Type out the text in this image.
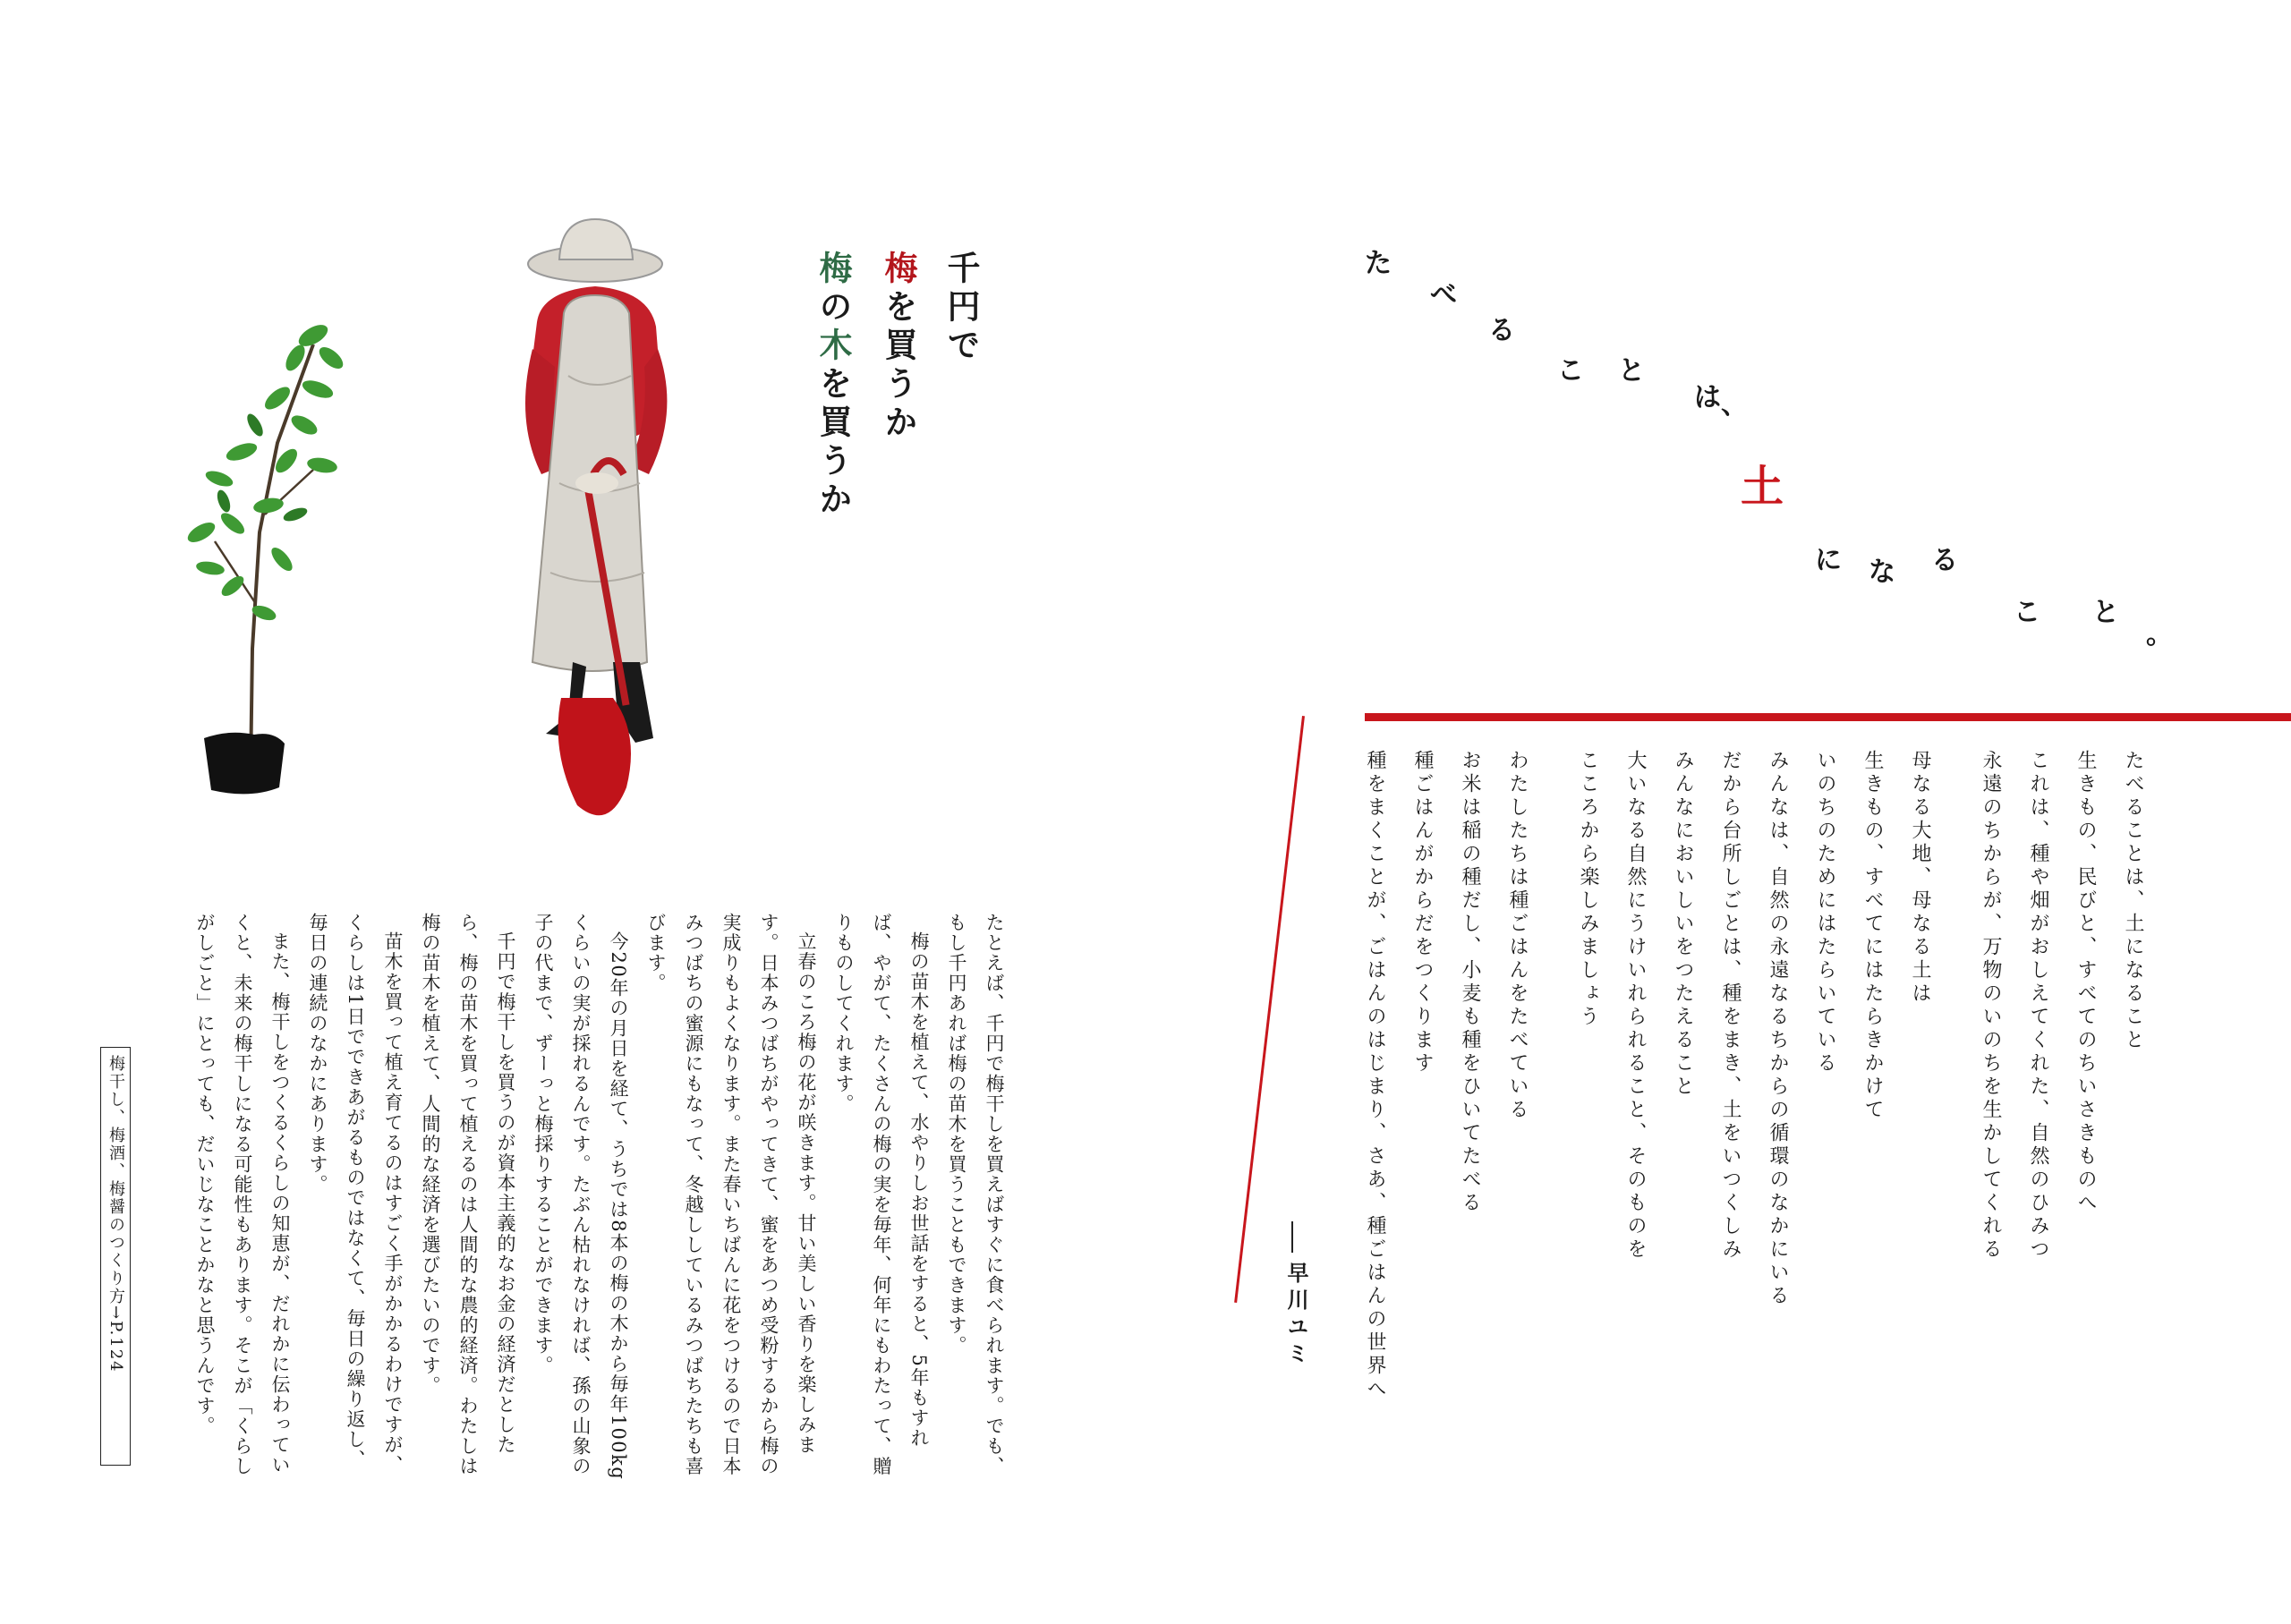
千円で
梅を買うか
梅の木を買うか

たとえば、千円で梅干しを買えばすぐに食べられます。でも、もし千円あれば梅の苗木を買うこともできます。

梅の苗木を植えて、水やりしお世話をすると、5年もすれば、やがて、たくさんの梅の実を毎年、何年にもわたって、贈りものしてくれます。

立春のころ梅の花が咲きます。甘い美しい香りを楽しみます。日本みつばちがやってきて、蜜をあつめ受粉するから梅の実成りもよくなります。また春いちばんに花をつけるので日本みつばちの蜜源にもなって、冬越ししているみつばちたちも喜びます。

今20年の月日を経て、うちでは8本の梅の木から毎年100kgくらいの実が採れるんです。たぶん枯れなければ、孫の山象の子の代まで、ずーっと梅採りすることができます。

千円で梅干しを買うのが資本主義的なお金の経済だとしたら、梅の苗木を買って植えるのは人間的な農的経済。わたしは梅の苗木を植えて、人間的な経済を選びたいのです。

苗木を買って植え育てるのはすごく手がかかるわけですが、くらしは1日でできあがるものではなくて、毎日の繰り返し、毎日の連続のなかにあります。

また、梅干しをつくるくらしの知恵が、だれかに伝わっていくと、未来の梅干しになる可能性もあります。そこが「くらしがしごと」にとっても、だいじなことかなと思うんです。

梅干し、梅酒、梅醤のつくり方→P.124
た
べ
る
こ と
は 、
土
に な る
こ と
。

たべることは、土になること

生きもの、民びと、すべてのちいさきものへ

これは、種や畑がおしえてくれた、自然のひみつ

永遠のちからが、万物のいのちを生かしてくれる

母なる大地、母なる土は

生きもの、すべてにはたらきかけて

いのちのためにはたらいている

みんなは、自然の永遠なるちからの循環のなかにいる

だから台所しごとは、種をまき、土をいつくしみ

みんなにおいしいをつたえること

大いなる自然にうけいれられること、そのものを

こころから楽しみましょう

わたしたちは種ごはんをたべている

お米は稲の種だし、小麦も種をひいてたべる

種ごはんがからだをつくります

種をまくことが、ごはんのはじまり、さあ、種ごはんの世界へ

早川ユミ
